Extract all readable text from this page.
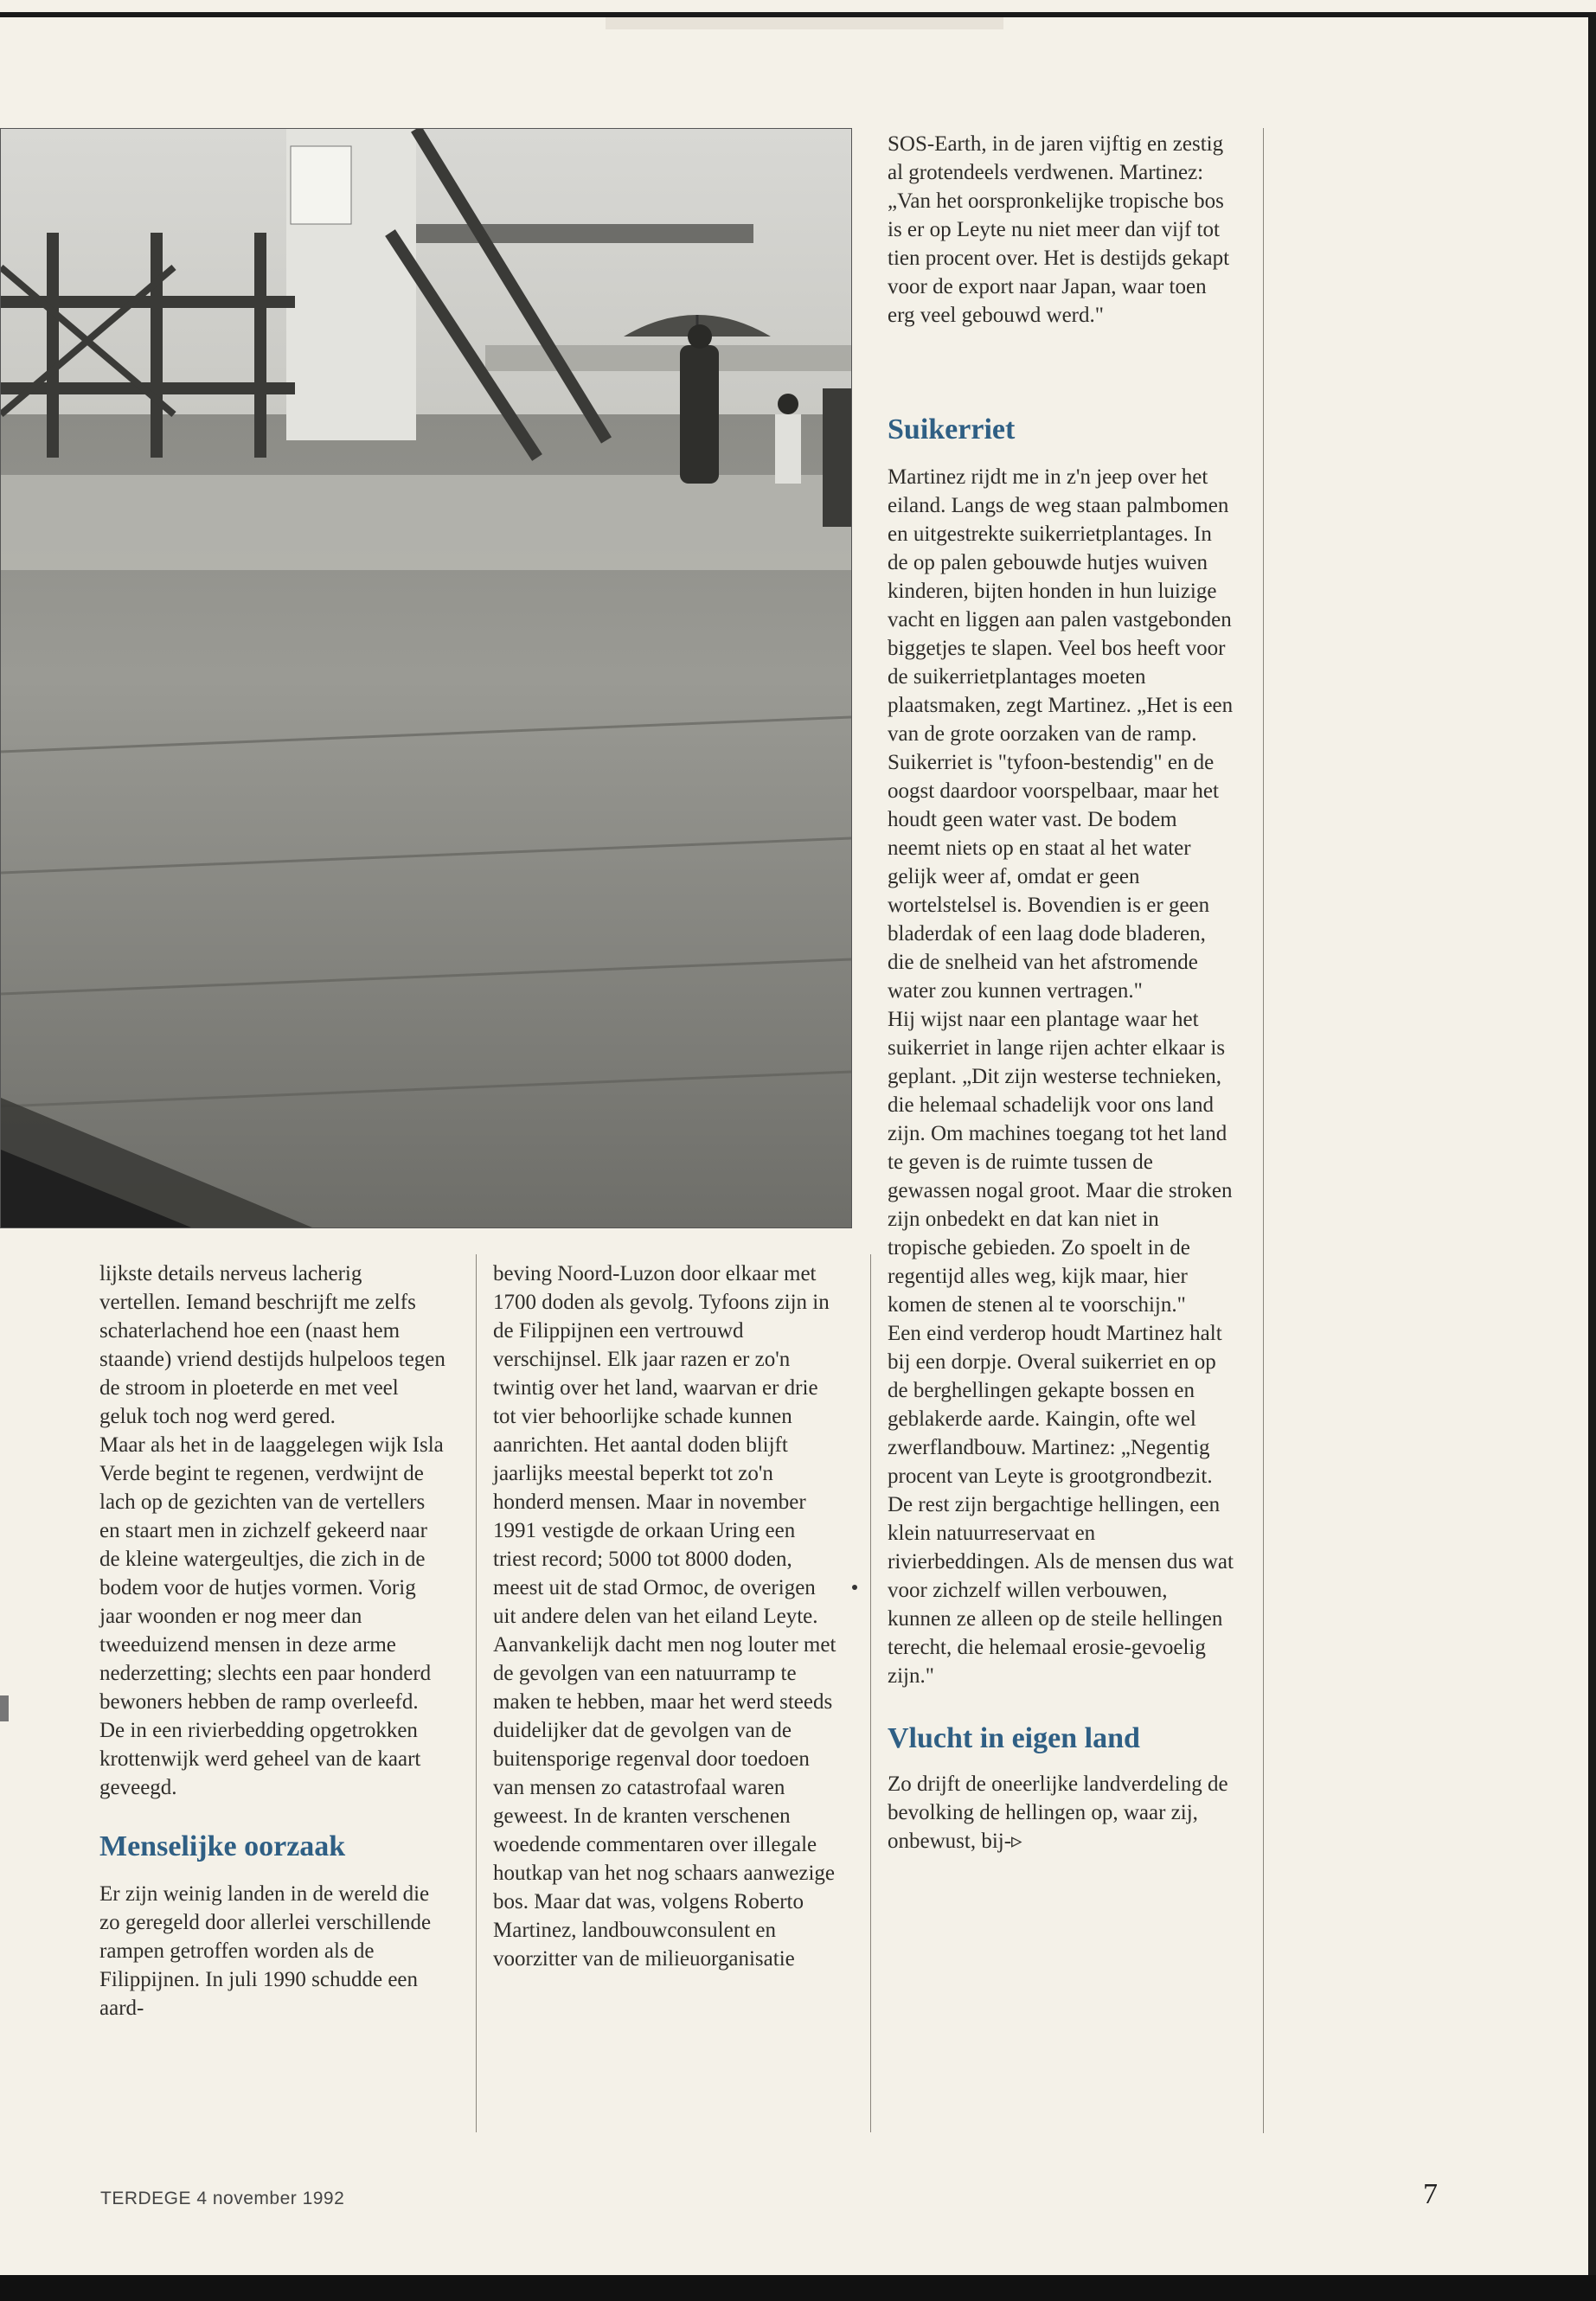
SOS-Earth, in de jaren vijftig en zestig al grotendeels verdwenen. Martinez: „Van het oorspronkelijke tropische bos is er op Leyte nu niet meer dan vijf tot tien procent over. Het is destijds gekapt voor de export naar Japan, waar toen erg veel gebouwd werd."

Suikerriet

Martinez rijdt me in z'n jeep over het eiland. Langs de weg staan palmbomen en uitgestrekte suikerrietplantages. In de op palen gebouwde hutjes wuiven kinderen, bijten honden in hun luizige vacht en liggen aan palen vastgebonden biggetjes te slapen. Veel bos heeft voor de suikerrietplantages moeten plaatsmaken, zegt Martinez. „Het is een van de grote oorzaken van de ramp. Suikerriet is "tyfoon-bestendig" en de oogst daardoor voorspelbaar, maar het houdt geen water vast. De bodem neemt niets op en staat al het water gelijk weer af, omdat er geen wortelstelsel is. Bovendien is er geen bladerdak of een laag dode bladeren, die de snelheid van het afstromende water zou kunnen vertragen."

Hij wijst naar een plantage waar het suikerriet in lange rijen achter elkaar is geplant. „Dit zijn westerse technieken, die helemaal schadelijk voor ons land zijn. Om machines toegang tot het land te geven is de ruimte tussen de gewassen nogal groot. Maar die stroken zijn onbedekt en dat kan niet in tropische gebieden. Zo spoelt in de regentijd alles weg, kijk maar, hier komen de stenen al te voorschijn."

Een eind verderop houdt Martinez halt bij een dorpje. Overal suikerriet en op de berghellingen gekapte bossen en geblakerde aarde. Kaingin, ofte wel zwerflandbouw. Martinez: „Negentig procent van Leyte is grootgrondbezit. De rest zijn bergachtige hellingen, een klein natuurreservaat en rivierbeddingen. Als de mensen dus wat voor zichzelf willen verbouwen, kunnen ze alleen op de steile hellingen terecht, die helemaal erosie-gevoelig zijn."

Vlucht in eigen land

Zo drijft de oneerlijke landverdeling de bevolking de hellingen op, waar zij, onbewust, bij-▹

lijkste details nerveus lacherig vertellen. Iemand beschrijft me zelfs schaterlachend hoe een (naast hem staande) vriend destijds hulpeloos tegen de stroom in ploeterde en met veel geluk toch nog werd gered.

Maar als het in de laaggelegen wijk Isla Verde begint te regenen, verdwijnt de lach op de gezichten van de vertellers en staart men in zichzelf gekeerd naar de kleine watergeultjes, die zich in de bodem voor de hutjes vormen. Vorig jaar woonden er nog meer dan tweeduizend mensen in deze arme nederzetting; slechts een paar honderd bewoners hebben de ramp overleefd. De in een rivierbedding opgetrokken krottenwijk werd geheel van de kaart geveegd.

Menselijke oorzaak

Er zijn weinig landen in de wereld die zo geregeld door allerlei verschillende rampen getroffen worden als de Filippijnen. In juli 1990 schudde een aard-

beving Noord-Luzon door elkaar met 1700 doden als gevolg. Tyfoons zijn in de Filippijnen een vertrouwd verschijnsel. Elk jaar razen er zo'n twintig over het land, waarvan er drie tot vier behoorlijke schade kunnen aanrichten. Het aantal doden blijft jaarlijks meestal beperkt tot zo'n honderd mensen. Maar in november 1991 vestigde de orkaan Uring een triest record; 5000 tot 8000 doden, meest uit de stad Ormoc, de overigen uit andere delen van het eiland Leyte.

Aanvankelijk dacht men nog louter met de gevolgen van een natuurramp te maken te hebben, maar het werd steeds duidelijker dat de gevolgen van de buitensporige regenval door toedoen van mensen zo catastrofaal waren geweest. In de kranten verschenen woedende commentaren over illegale houtkap van het nog schaars aanwezige bos. Maar dat was, volgens Roberto Martinez, landbouwconsulent en voorzitter van de milieuorganisatie

TERDEGE 4 november 1992	7
